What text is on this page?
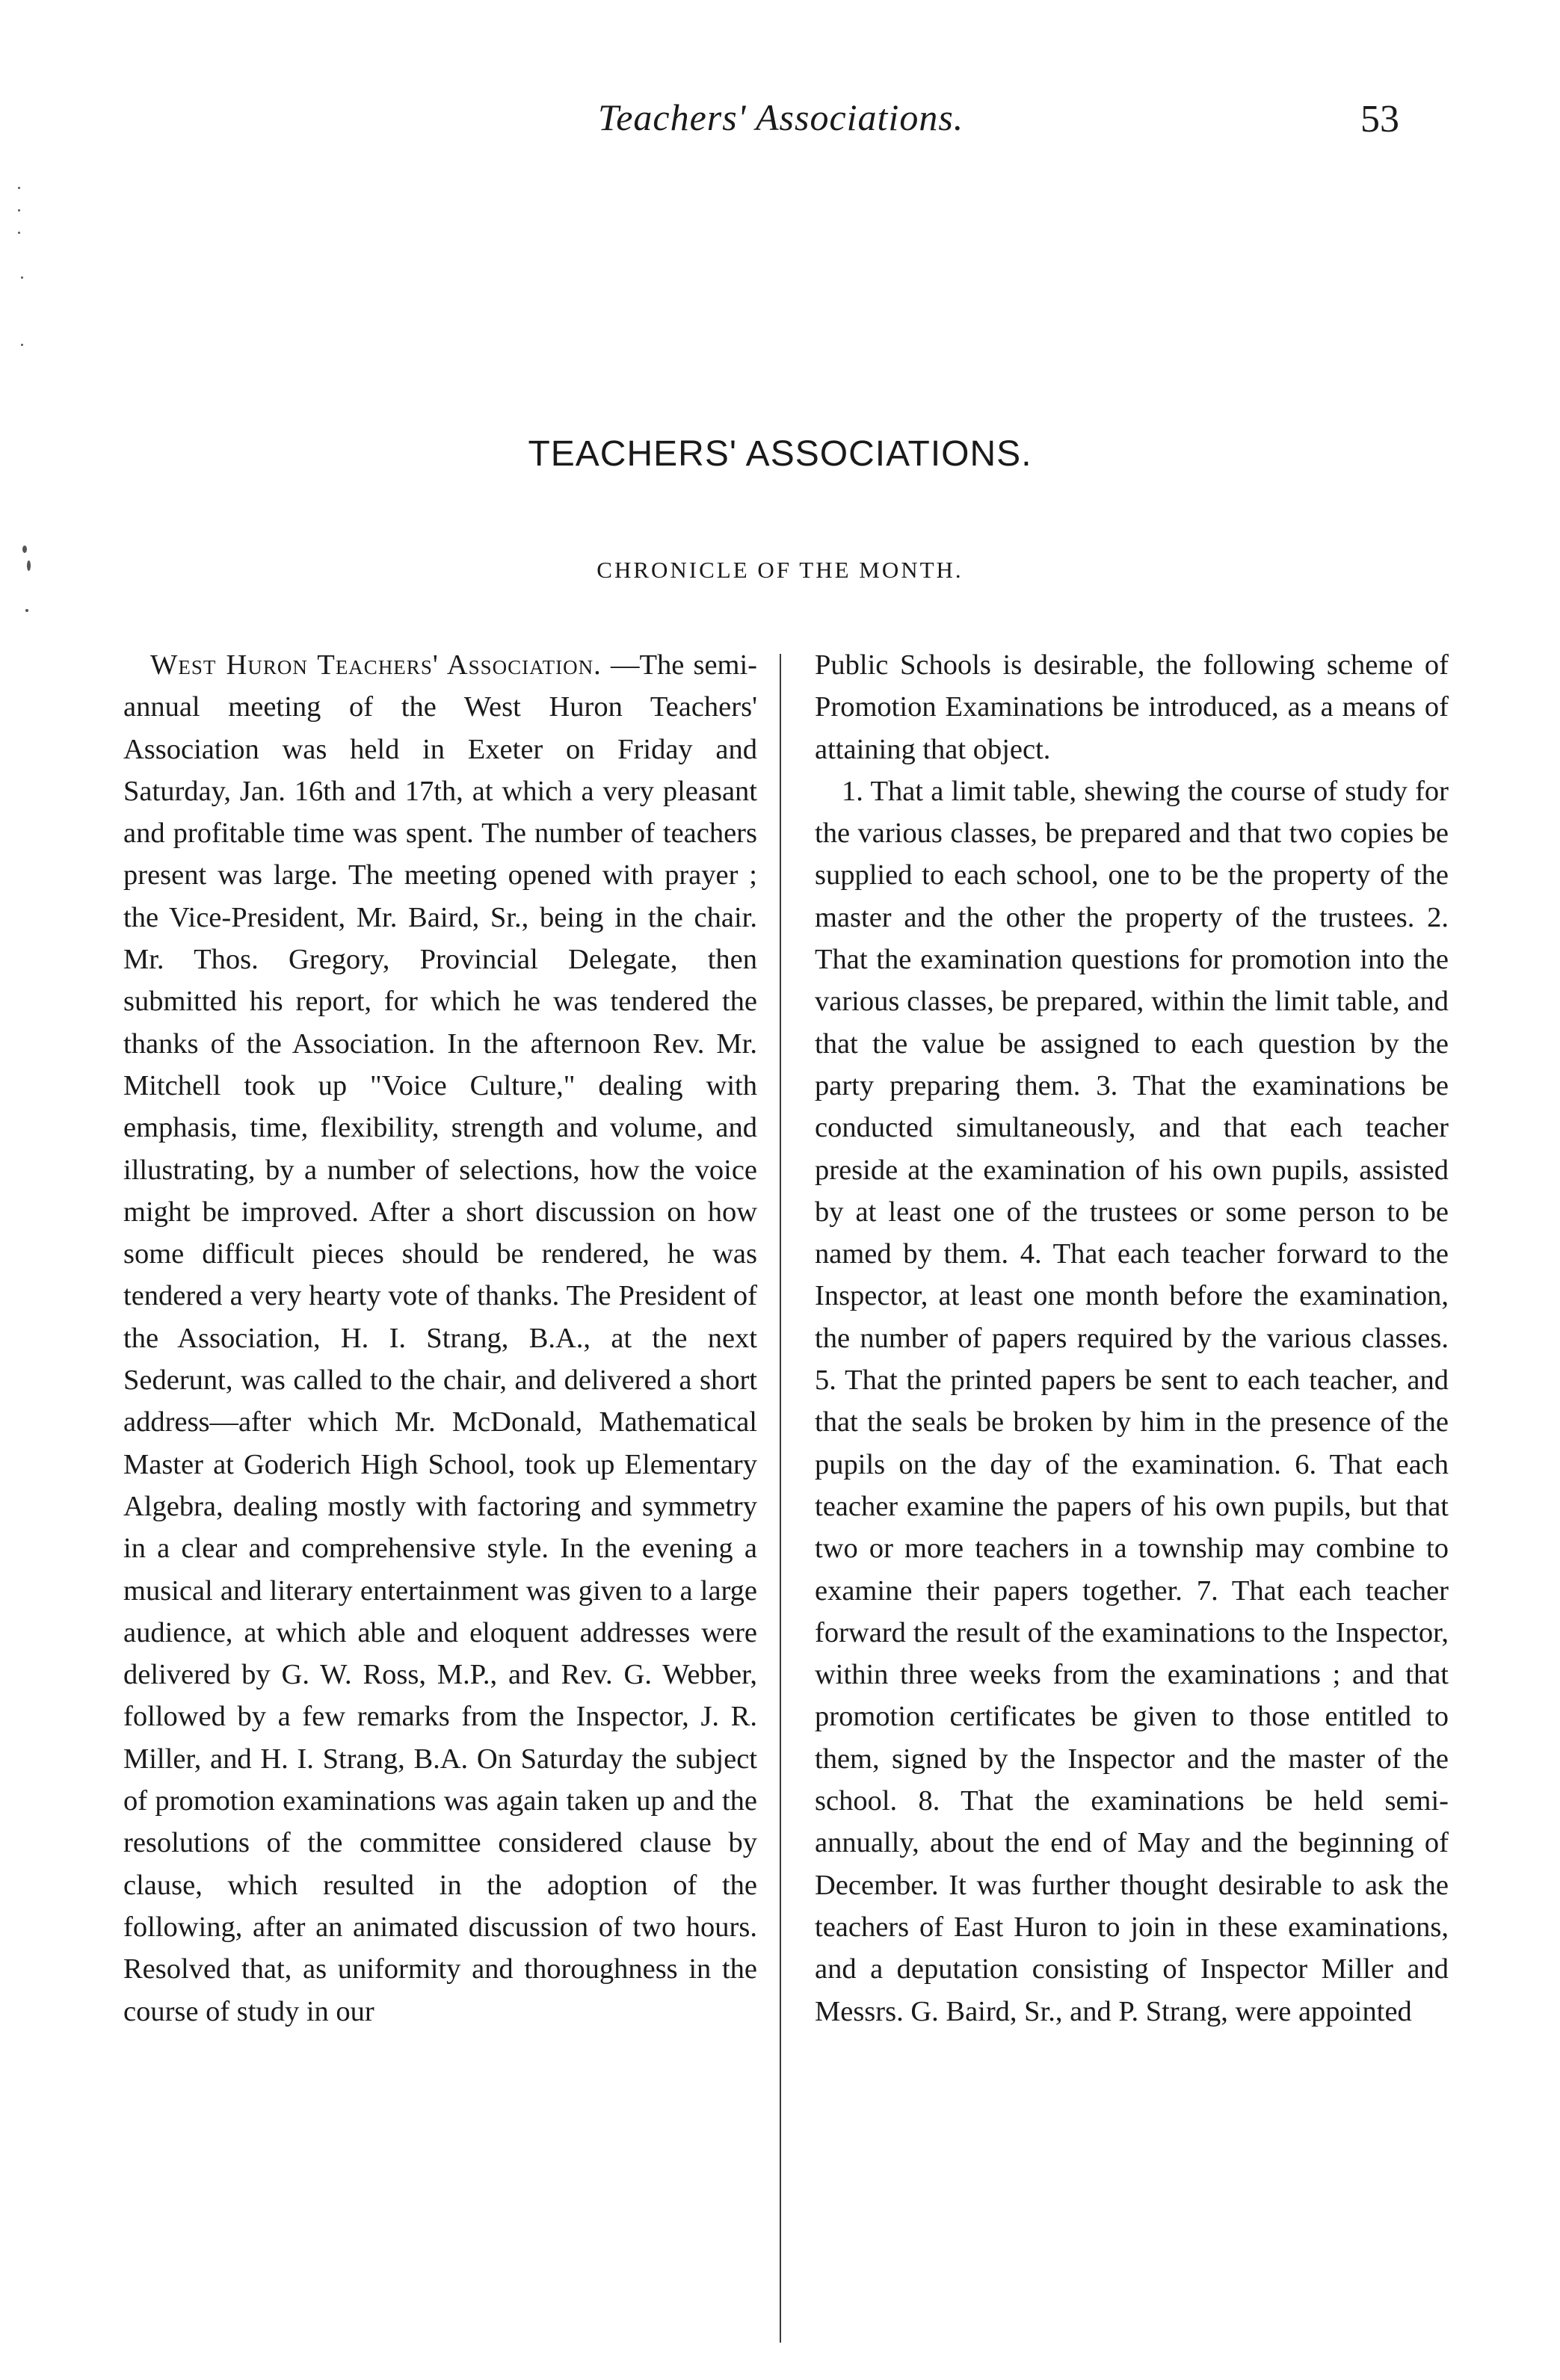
Teachers' Associations.	53
TEACHERS' ASSOCIATIONS.
CHRONICLE OF THE MONTH.

West Huron Teachers' Association. —The semi-annual meeting of the West Huron Teachers' Association was held in Exeter on Friday and Saturday, Jan. 16th and 17th, at which a very pleasant and profitable time was spent. The number of teachers present was large. The meeting opened with prayer ; the Vice-President, Mr. Baird, Sr., being in the chair. Mr. Thos. Gregory, Provincial Delegate, then submitted his report, for which he was tendered the thanks of the Association. In the afternoon Rev. Mr. Mitchell took up "Voice Culture," dealing with emphasis, time, flexibility, strength and volume, and illustrating, by a number of selections, how the voice might be improved. After a short discussion on how some difficult pieces should be rendered, he was tendered a very hearty vote of thanks. The President of the Association, H. I. Strang, B.A., at the next Sederunt, was called to the chair, and delivered a short address—after which Mr. McDonald, Mathematical Master at Goderich High School, took up Elementary Algebra, dealing mostly with factoring and symmetry in a clear and comprehensive style. In the evening a musical and literary entertainment was given to a large audience, at which able and eloquent addresses were delivered by G. W. Ross, M.P., and Rev. G. Webber, followed by a few remarks from the Inspector, J. R. Miller, and H. I. Strang, B.A. On Saturday the subject of promotion examinations was again taken up and the resolutions of the committee considered clause by clause, which resulted in the adoption of the following, after an animated discussion of two hours. Resolved that, as uniformity and thoroughness in the course of study in our

Public Schools is desirable, the following scheme of Promotion Examinations be introduced, as a means of attaining that object.

1. That a limit table, shewing the course of study for the various classes, be prepared and that two copies be supplied to each school, one to be the property of the master and the other the property of the trustees. 2. That the examination questions for promotion into the various classes, be prepared, within the limit table, and that the value be assigned to each question by the party preparing them. 3. That the examinations be conducted simultaneously, and that each teacher preside at the examination of his own pupils, assisted by at least one of the trustees or some person to be named by them. 4. That each teacher forward to the Inspector, at least one month before the examination, the number of papers required by the various classes. 5. That the printed papers be sent to each teacher, and that the seals be broken by him in the presence of the pupils on the day of the examination. 6. That each teacher examine the papers of his own pupils, but that two or more teachers in a township may combine to examine their papers together. 7. That each teacher forward the result of the examinations to the Inspector, within three weeks from the examinations ; and that promotion certificates be given to those entitled to them, signed by the Inspector and the master of the school. 8. That the examinations be held semi-annually, about the end of May and the beginning of December. It was further thought desirable to ask the teachers of East Huron to join in these examinations, and a deputation consisting of Inspector Miller and Messrs. G. Baird, Sr., and P. Strang, were appointed
